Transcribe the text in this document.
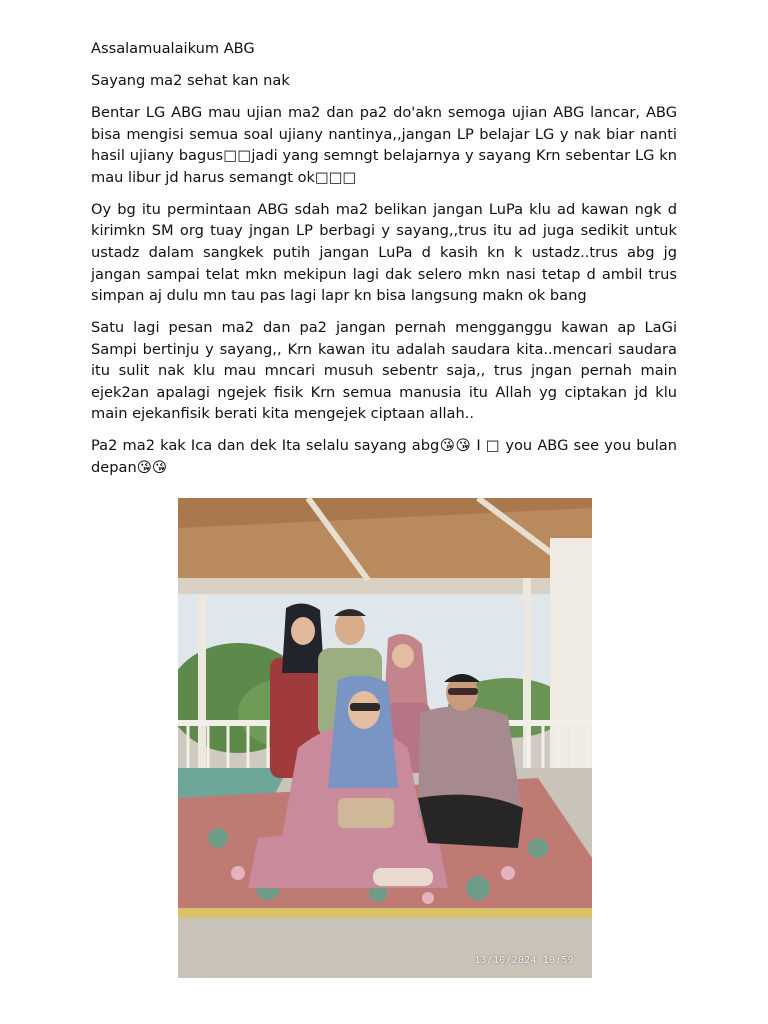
Assalamualaikum ABG

Sayang ma2 sehat kan nak

Bentar LG ABG mau ujian ma2 dan pa2 do'akn semoga ujian ABG lancar, ABG bisa mengisi semua soal ujiany nantinya,,jangan LP belajar LG y nak biar nanti hasil ujiany bagus□□jadi yang semngt belajarnya y sayang Krn sebentar LG kn mau libur jd harus semangt ok□□□

Oy bg itu permintaan ABG sdah ma2 belikan jangan LuPa klu ad kawan ngk d kirimkn SM org tuay jngan LP berbagi y sayang,,trus itu ad juga sedikit untuk ustadz dalam sangkek putih jangan LuPa d kasih kn k ustadz..trus abg jg jangan sampai telat mkn mekipun lagi dak selero mkn nasi tetap d ambil trus simpan aj dulu mn tau pas lagi lapr kn bisa langsung makn ok bang

Satu lagi pesan ma2 dan pa2 jangan pernah mengganggu kawan ap LaGi Sampi bertinju y sayang,, Krn kawan itu adalah saudara kita..mencari saudara itu sulit nak klu mau mncari musuh sebentr saja,, trus jngan pernah main ejek2an apalagi ngejek fisik Krn semua manusia itu Allah yg ciptakan jd klu main ejekanfisik berati kita mengejek ciptaan allah..

Pa2 ma2 kak Ica dan dek Ita selalu sayang abg😘😘 I □ you ABG see you bulan depan😘😘

13/10/2024 10:59
